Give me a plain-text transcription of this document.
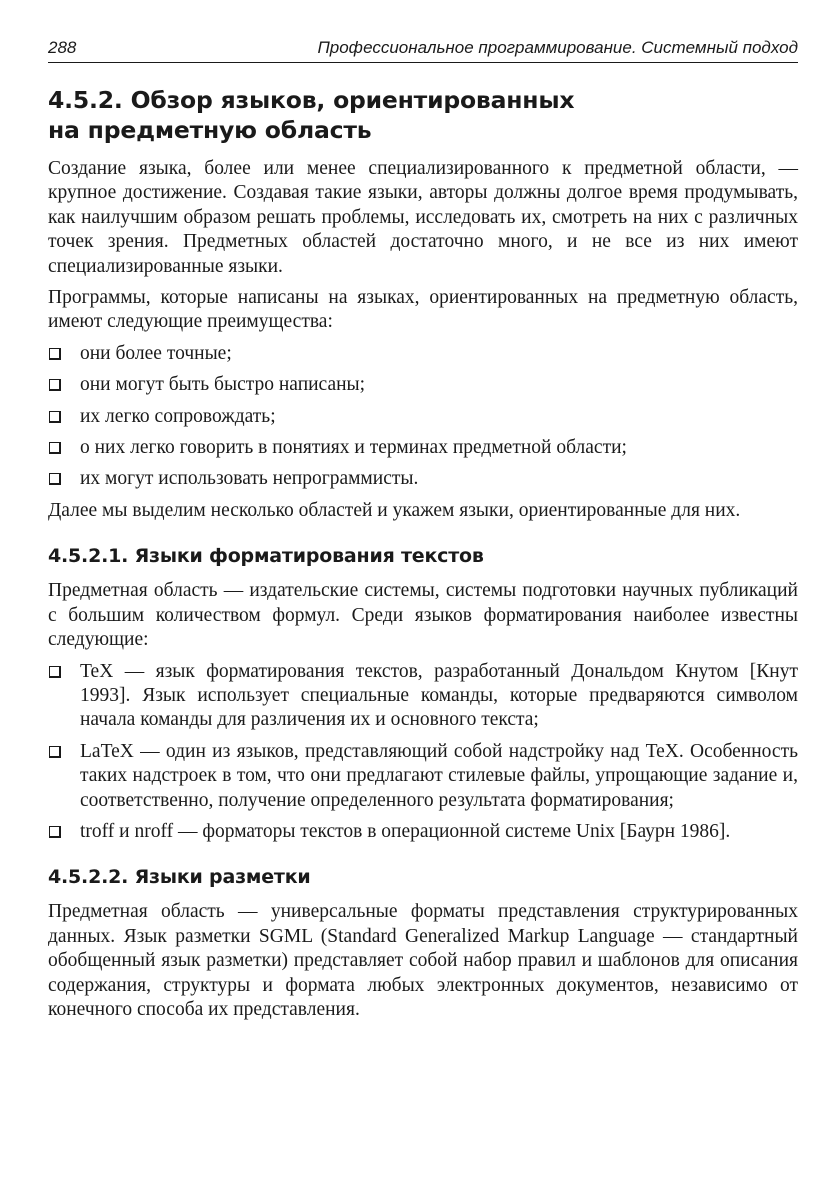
288	Профессиональное программирование. Системный подход
4.5.2. Обзор языков, ориентированных
на предметную область

Создание языка, более или менее специализированного к предметной области, — крупное достижение. Создавая такие языки, авторы должны долгое время продумывать, как наилучшим образом решать проблемы, исследовать их, смотреть на них с различных точек зрения. Предметных областей достаточно много, и не все из них имеют специализированные языки.

Программы, которые написаны на языках, ориентированных на предметную область, имеют следующие преимущества:

они более точные;
они могут быть быстро написаны;
их легко сопровождать;
о них легко говорить в понятиях и терминах предметной области;
их могут использовать непрограммисты.

Далее мы выделим несколько областей и укажем языки, ориентированные для них.

4.5.2.1. Языки форматирования текстов

Предметная область — издательские системы, системы подготовки научных публикаций с большим количеством формул. Среди языков форматирования наиболее известны следующие:

TeX — язык форматирования текстов, разработанный Дональдом Кнутом [Кнут 1993]. Язык использует специальные команды, которые предваряются символом начала команды для различения их и основного текста;
LaTeX — один из языков, представляющий собой надстройку над TeX. Особенность таких надстроек в том, что они предлагают стилевые файлы, упрощающие задание и, соответственно, получение определенного результата форматирования;
troff и nroff — форматоры текстов в операционной системе Unix [Баурн 1986].
4.5.2.2. Языки разметки

Предметная область — универсальные форматы представления структурированных данных. Язык разметки SGML (Standard Generalized Markup Language — стандартный обобщенный язык разметки) представляет собой набор правил и шаблонов для описания содержания, структуры и формата любых электронных документов, независимо от конечного способа их представления.
